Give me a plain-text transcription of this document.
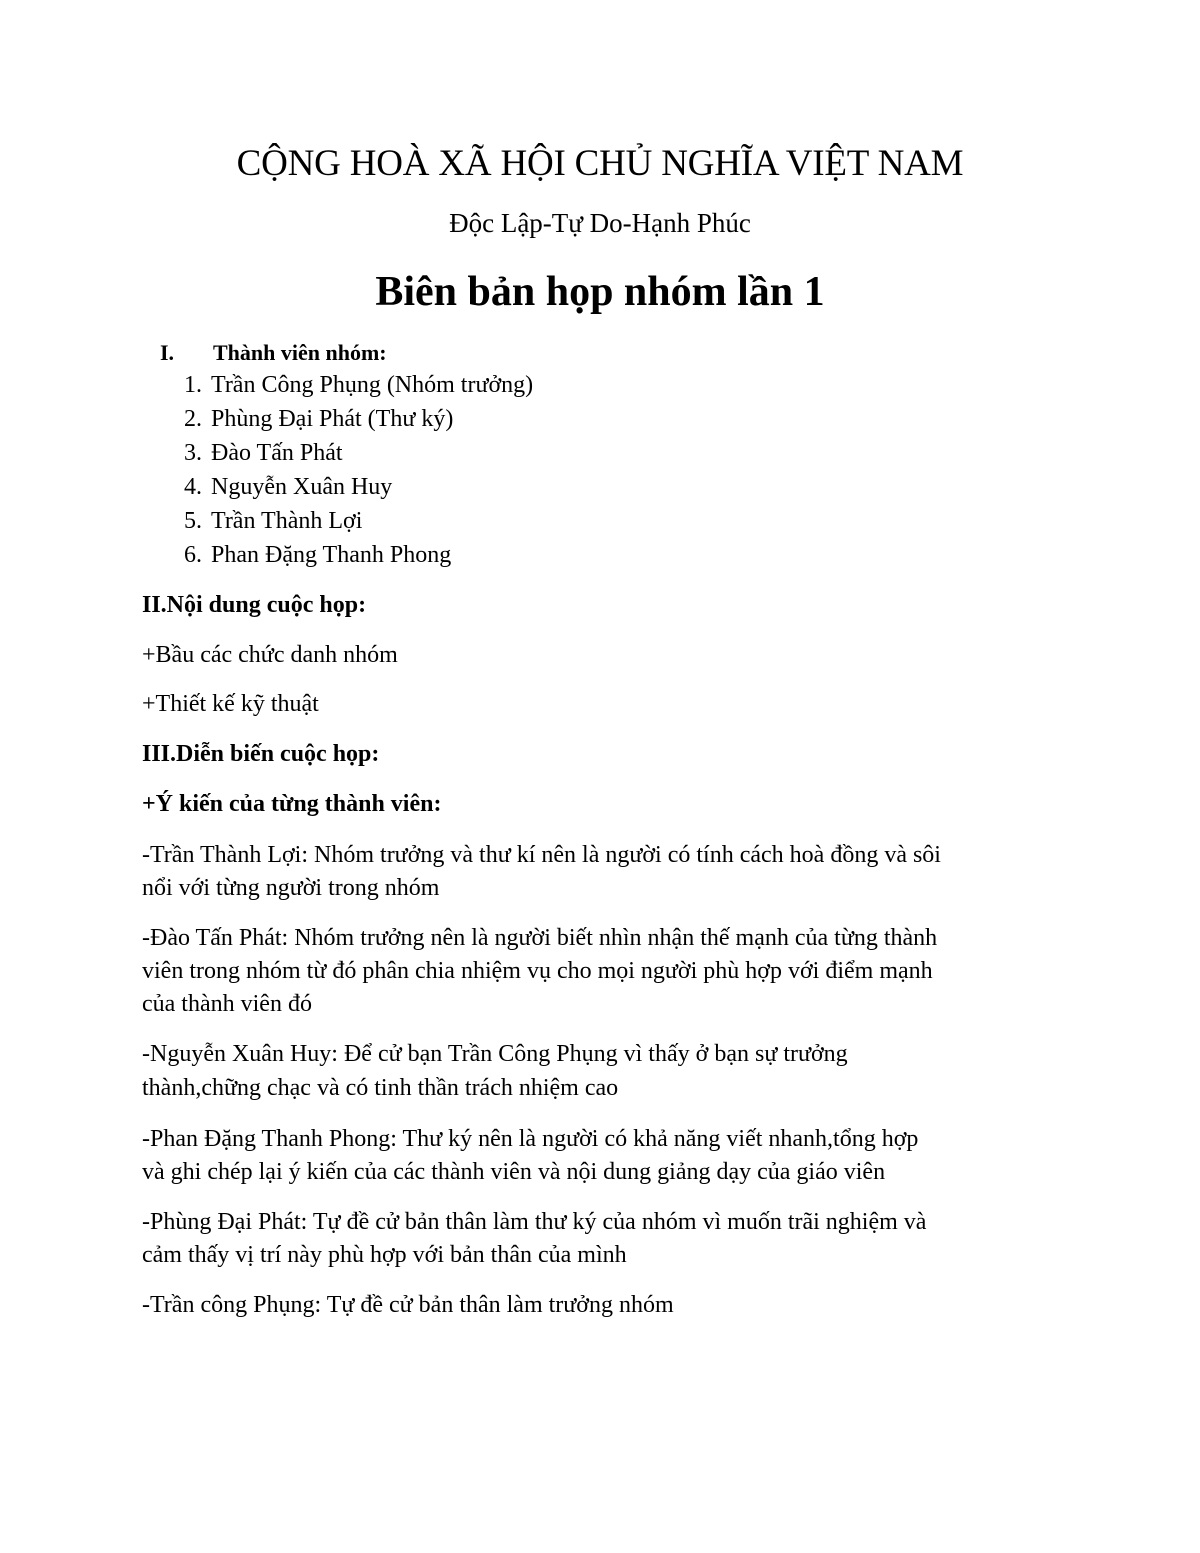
CỘNG HOÀ XÃ HỘI CHỦ NGHĨA VIỆT NAM

Độc Lập-Tự Do-Hạnh Phúc

Biên bản họp nhóm lần 1

I. Thành viên nhóm:

1. Trần Công Phụng (Nhóm trưởng)

2. Phùng Đại Phát (Thư ký)

3. Đào Tấn Phát

4. Nguyễn Xuân Huy

5. Trần Thành Lợi

6. Phan Đặng Thanh Phong

II.Nội dung cuộc họp:

+Bầu các chức danh nhóm

+Thiết kế kỹ thuật

III.Diễn biến cuộc họp:

+Ý kiến của từng thành viên:

-Trần Thành Lợi: Nhóm trưởng và thư kí nên là người có tính cách hoà đồng và sôi

nổi với từng người trong nhóm

-Đào Tấn Phát: Nhóm trưởng nên là người biết nhìn nhận thế mạnh của từng thành

viên trong nhóm từ đó phân chia nhiệm vụ cho mọi người phù hợp với điểm mạnh

của thành viên đó

-Nguyễn Xuân Huy: Để cử bạn Trần Công Phụng vì thấy ở bạn sự trưởng

thành,chững chạc và có tinh thần trách nhiệm cao

-Phan Đặng Thanh Phong: Thư ký nên là người có khả năng viết nhanh,tổng hợp

và ghi chép lại ý kiến của các thành viên và nội dung giảng dạy của giáo viên

-Phùng Đại Phát: Tự đề cử bản thân làm thư ký của nhóm vì muốn trãi nghiệm và

cảm thấy vị trí này phù hợp với bản thân của mình

-Trần công Phụng: Tự đề cử bản thân làm trưởng nhóm
